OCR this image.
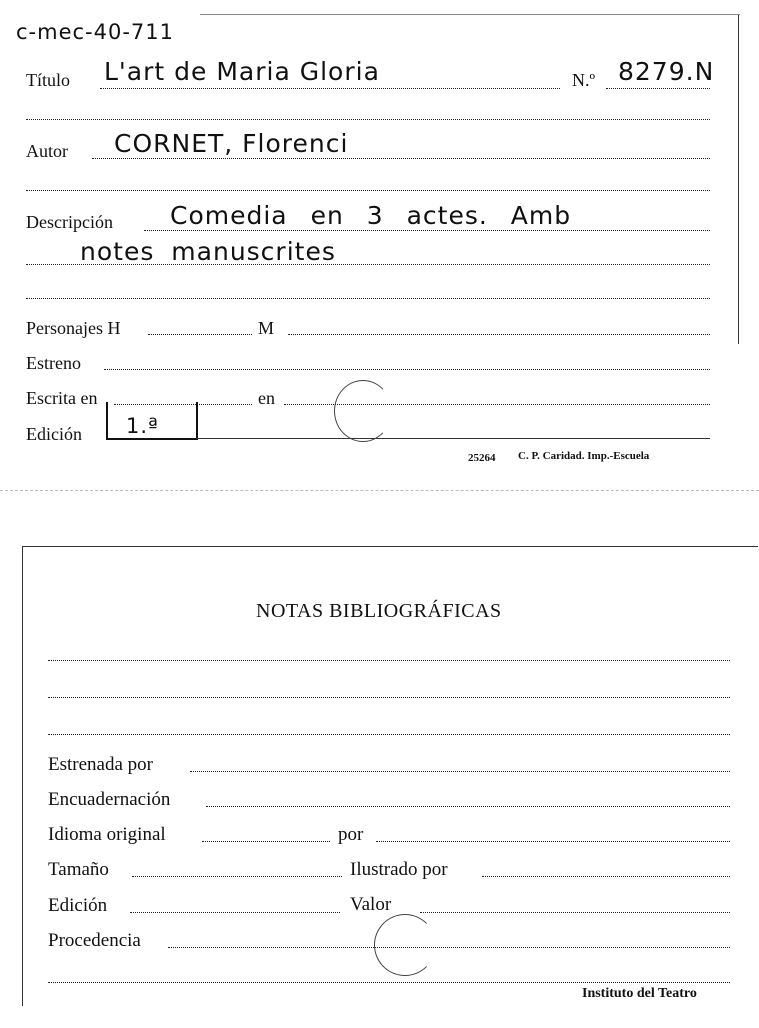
c-mec-40-711
Título L'art de Maria Gloria	N.º 8279.N
Autor CORNET, Florenci
Descripción Comedia en 3 actes. Amb
notes manuscrites
Personajes H	M
Estreno
Escrita en	en
Edición 1.ª
25264 C. P. Caridad. Imp.-Escuela
NOTAS BIBLIOGRÁFICAS
Estrenada por
Encuadernación
Idioma original	por
Tamaño	Ilustrado por
Edición	Valor
Procedencia
Instituto del Teatro
